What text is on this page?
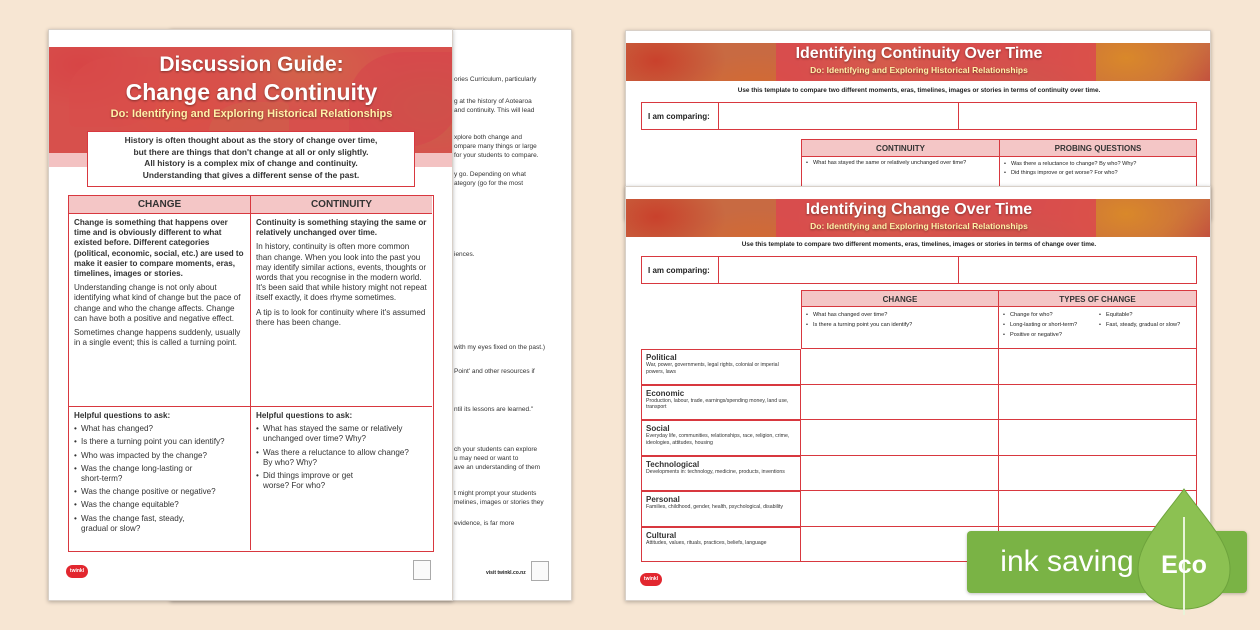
ories Curriculum, particularly
g at the history of Aotearoa
and continuity. This will lead
xplore both change and
ompare many things or large
for your students to compare.
y go. Depending on what
ategory (go for the most
iences.
with my eyes fixed on the past.)
Point' and other resources if
ntil its lessons are learned."
ch your students can explore
u may need or want to
ave an understanding of them
t might prompt your students
melines, images or stories they
evidence, is far more
visit twinkl.co.nz
Discussion Guide:
Change and Continuity
Do: Identifying and Exploring Historical Relationships
History is often thought about as the story of change over time,
but there are things that don't change at all or only slightly.
All history is a complex mix of change and continuity.
Understanding that gives a different sense of the past.
CHANGE	CONTINUITY

Change is something that happens over time and is obviously different to what existed before. Different categories (political, economic, social, etc.) are used to make it easier to compare moments, eras, timelines, images or stories.

Understanding change is not only about identifying what kind of change but the pace of change and who the change affects. Change can have both a positive and negative effect.

Sometimes change happens suddenly, usually in a single event; this is called a turning point.

Continuity is something staying the same or relatively unchanged over time.

In history, continuity is often more common than change. When you look into the past you may identify similar actions, events, thoughts or words that you recognise in the modern world. It's been said that while history might not repeat itself exactly, it does rhyme sometimes.

A tip is to look for continuity where it's assumed there has been change.

Helpful questions to ask:
• What has changed?
• Is there a turning point you can identify?
• Who was impacted by the change?
• Was the change long-lasting or short-term?
• Was the change positive or negative?
• Was the change equitable?
• Was the change fast, steady, gradual or slow?
Helpful questions to ask:
• What has stayed the same or relatively unchanged over time? Why?
• Was there a reluctance to allow change? By who? Why?
• Did things improve or get worse? For who?
twinkl
Identifying Continuity Over Time
Do: Identifying and Exploring Historical Relationships
Use this template to compare two different moments, eras, timelines, images or stories in terms of continuity over time.
I am comparing:
CONTINUITY	PROBING QUESTIONS
• What has stayed the same or relatively unchanged over time?
•	Was there a reluctance to change? By who? Why?
• Did things improve or get worse? For who?
Identifying Change Over Time
Do: Identifying and Exploring Historical Relationships
Use this template to compare two different moments, eras, timelines, images or stories in terms of change over time.
I am comparing:
CHANGE	TYPES OF CHANGE
• What has changed over time?
• Is there a turning point you can identify?
• Change for who?
• Long-lasting or short-term?
• Positive or negative?
• Equitable?
• Fast, steady, gradual or slow?
Political
War, power, governments, legal rights, colonial or imperial powers, laws
Economic
Production, labour, trade, earnings/spending money, land use, transport
Social
Everyday life, communities, relationships, race, religion, crime, ideologies, attitudes, housing
Technological
Developments in: technology, medicine, products, inventions
Personal
Families, childhood, gender, health, psychological, disability
Cultural
Attitudes, values, rituals, practices, beliefs, language
twinkl
ink saving	Eco
